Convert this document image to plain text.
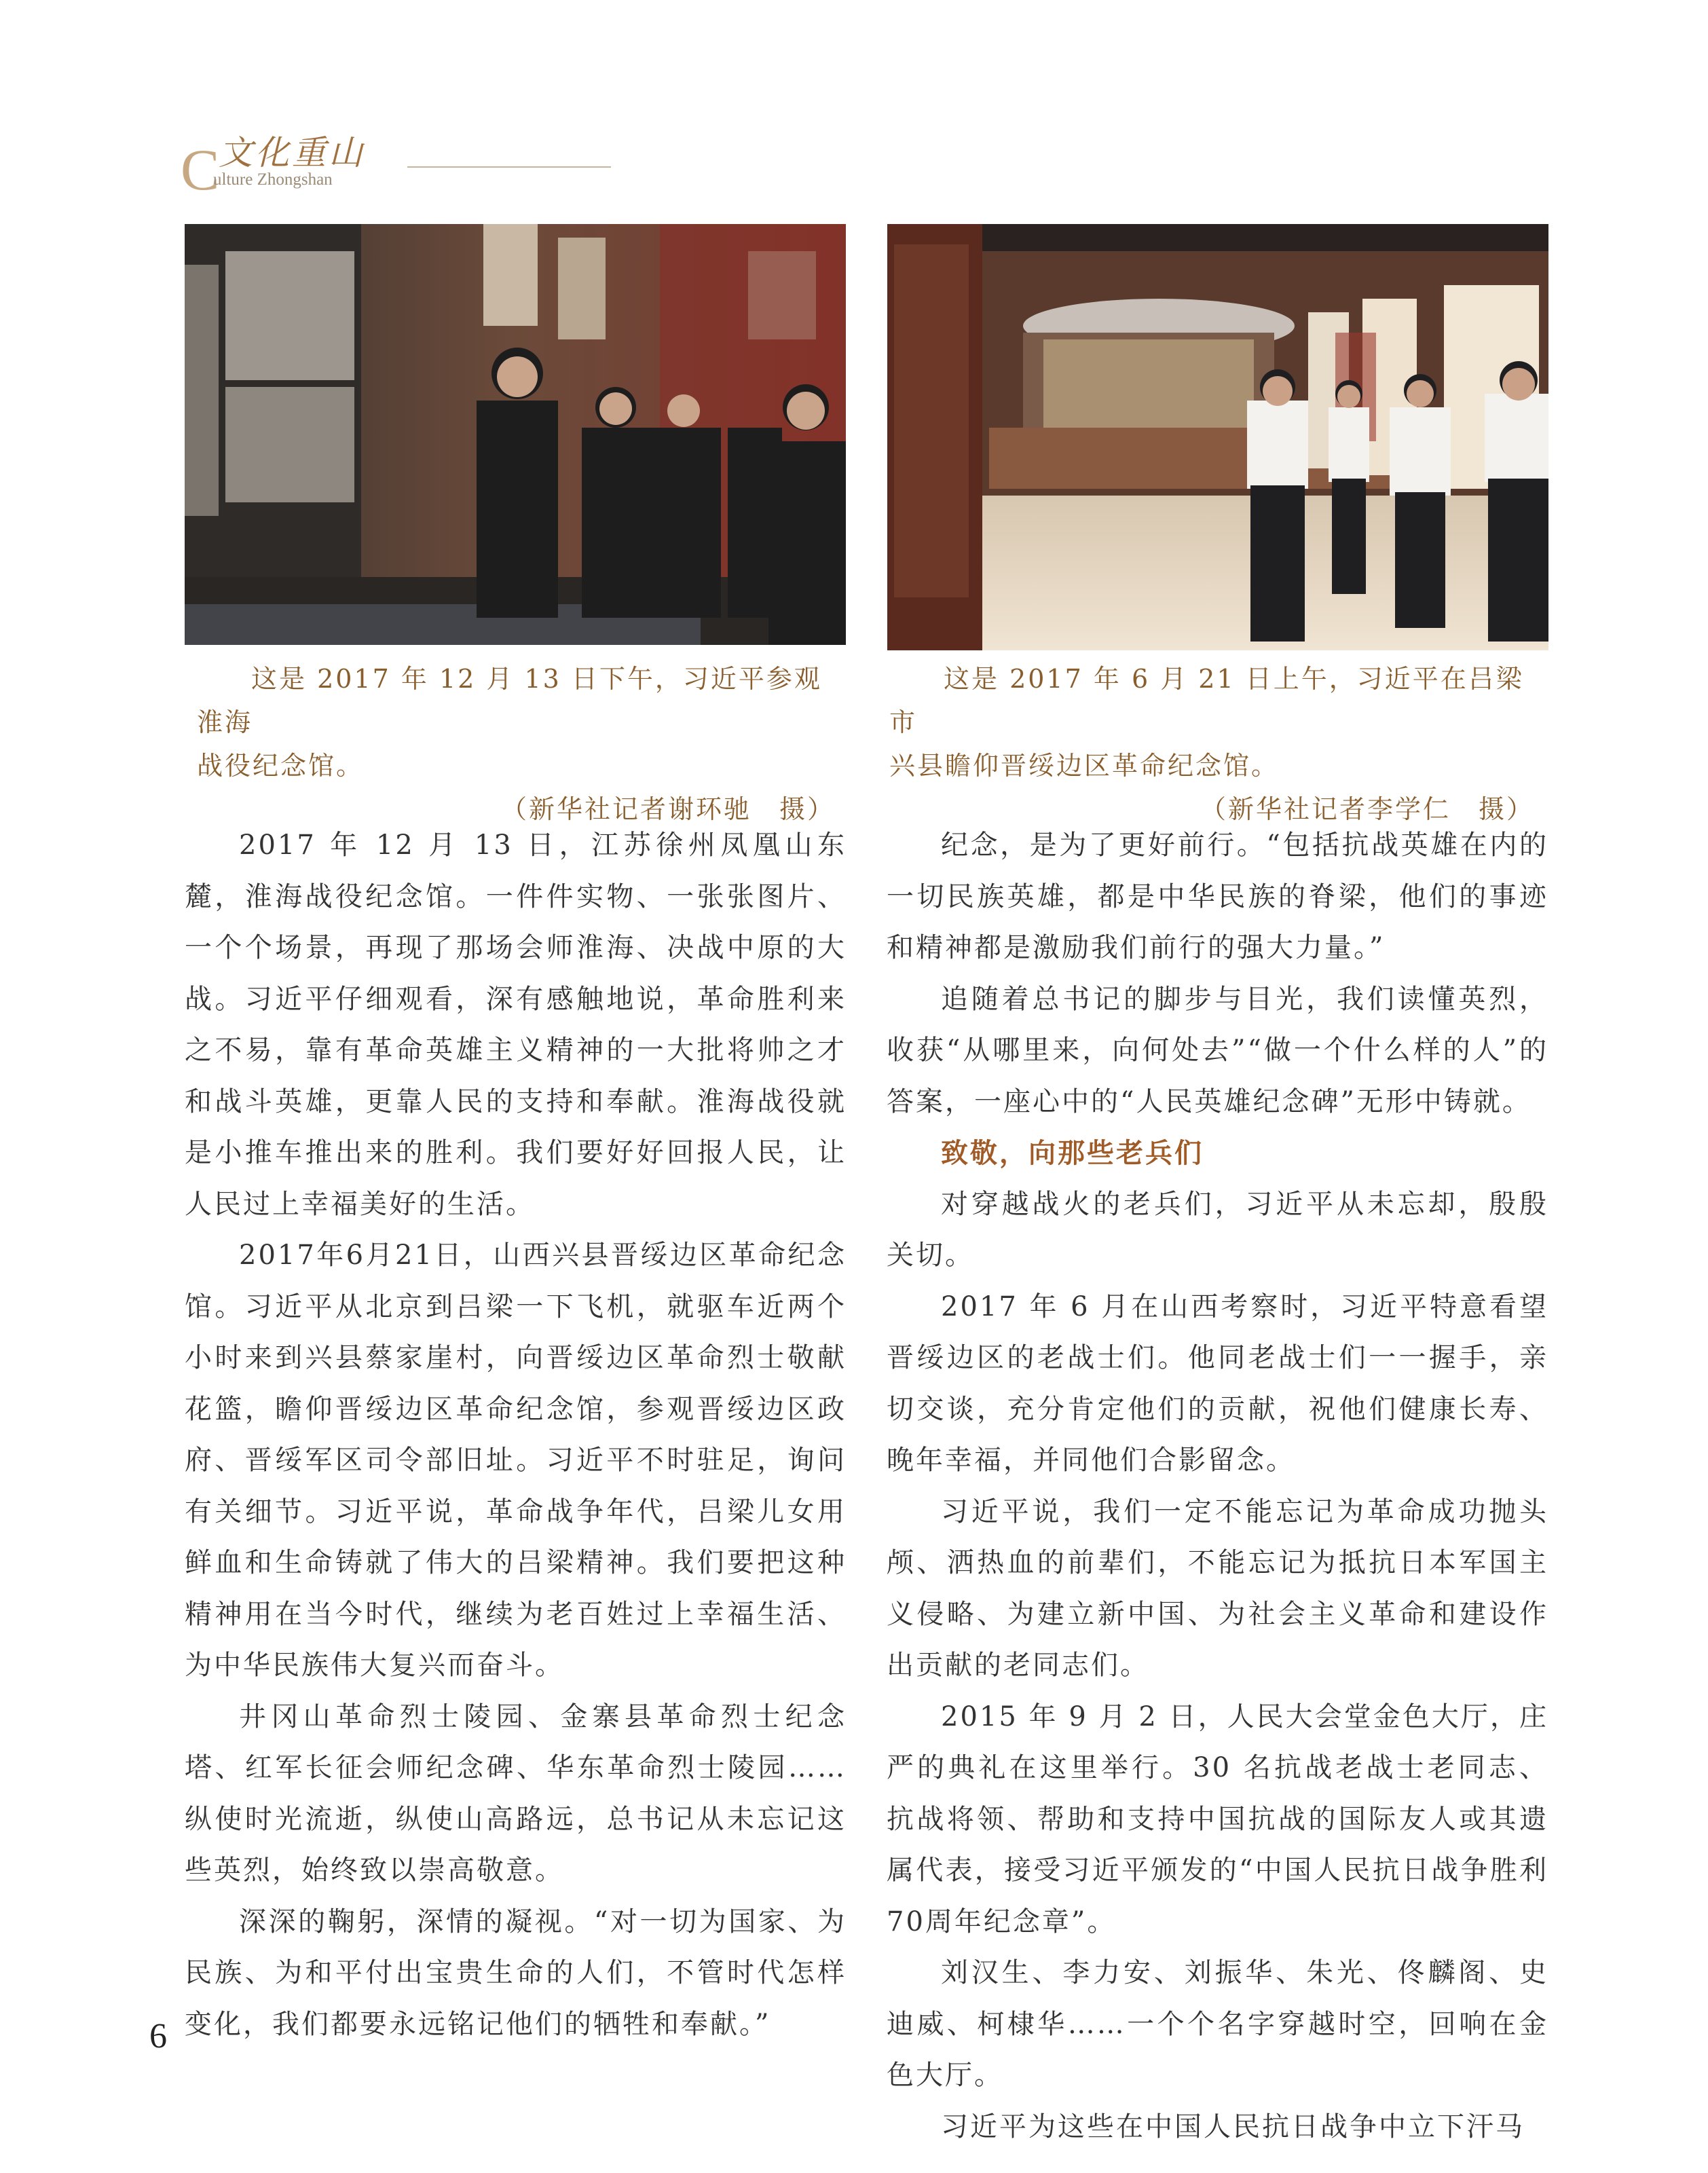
文化重山
C
ulture Zhongshan
这是 2017 年 12 月 13 日下午，习近平参观淮海
战役纪念馆。
（新华社记者谢环驰　摄）
这是 2017 年 6 月 21 日上午，习近平在吕梁市
兴县瞻仰晋绥边区革命纪念馆。
（新华社记者李学仁　摄）

2017 年 12 月 13 日，江苏徐州凤凰山东麓，淮海战役纪念馆。一件件实物、一张张图片、一个个场景，再现了那场会师淮海、决战中原的大战。习近平仔细观看，深有感触地说，革命胜利来之不易，靠有革命英雄主义精神的一大批将帅之才和战斗英雄，更靠人民的支持和奉献。淮海战役就是小推车推出来的胜利。我们要好好回报人民，让人民过上幸福美好的生活。

2017年6月21日，山西兴县晋绥边区革命纪念馆。习近平从北京到吕梁一下飞机，就驱车近两个小时来到兴县蔡家崖村，向晋绥边区革命烈士敬献花篮，瞻仰晋绥边区革命纪念馆，参观晋绥边区政府、晋绥军区司令部旧址。习近平不时驻足，询问有关细节。习近平说，革命战争年代，吕梁儿女用鲜血和生命铸就了伟大的吕梁精神。我们要把这种精神用在当今时代，继续为老百姓过上幸福生活、为中华民族伟大复兴而奋斗。

井冈山革命烈士陵园、金寨县革命烈士纪念塔、红军长征会师纪念碑、华东革命烈士陵园……纵使时光流逝，纵使山高路远，总书记从未忘记这些英烈，始终致以崇高敬意。

深深的鞠躬，深情的凝视。“对一切为国家、为民族、为和平付出宝贵生命的人们，不管时代怎样变化，我们都要永远铭记他们的牺牲和奉献。”

纪念，是为了更好前行。“包括抗战英雄在内的一切民族英雄，都是中华民族的脊梁，他们的事迹和精神都是激励我们前行的强大力量。”

追随着总书记的脚步与目光，我们读懂英烈，收获“从哪里来，向何处去”“做一个什么样的人”的答案，一座心中的“人民英雄纪念碑”无形中铸就。

致敬，向那些老兵们

对穿越战火的老兵们，习近平从未忘却，殷殷关切。

2017 年 6 月在山西考察时，习近平特意看望晋绥边区的老战士们。他同老战士们一一握手，亲切交谈，充分肯定他们的贡献，祝他们健康长寿、晚年幸福，并同他们合影留念。

习近平说，我们一定不能忘记为革命成功抛头颅、洒热血的前辈们，不能忘记为抵抗日本军国主义侵略、为建立新中国、为社会主义革命和建设作出贡献的老同志们。

2015 年 9 月 2 日，人民大会堂金色大厅，庄严的典礼在这里举行。30 名抗战老战士老同志、抗战将领、帮助和支持中国抗战的国际友人或其遗属代表，接受习近平颁发的“中国人民抗日战争胜利70周年纪念章”。

刘汉生、李力安、刘振华、朱光、佟麟阁、史迪威、柯棣华……一个个名字穿越时空，回响在金色大厅。

习近平为这些在中国人民抗日战争中立下汗马

6
